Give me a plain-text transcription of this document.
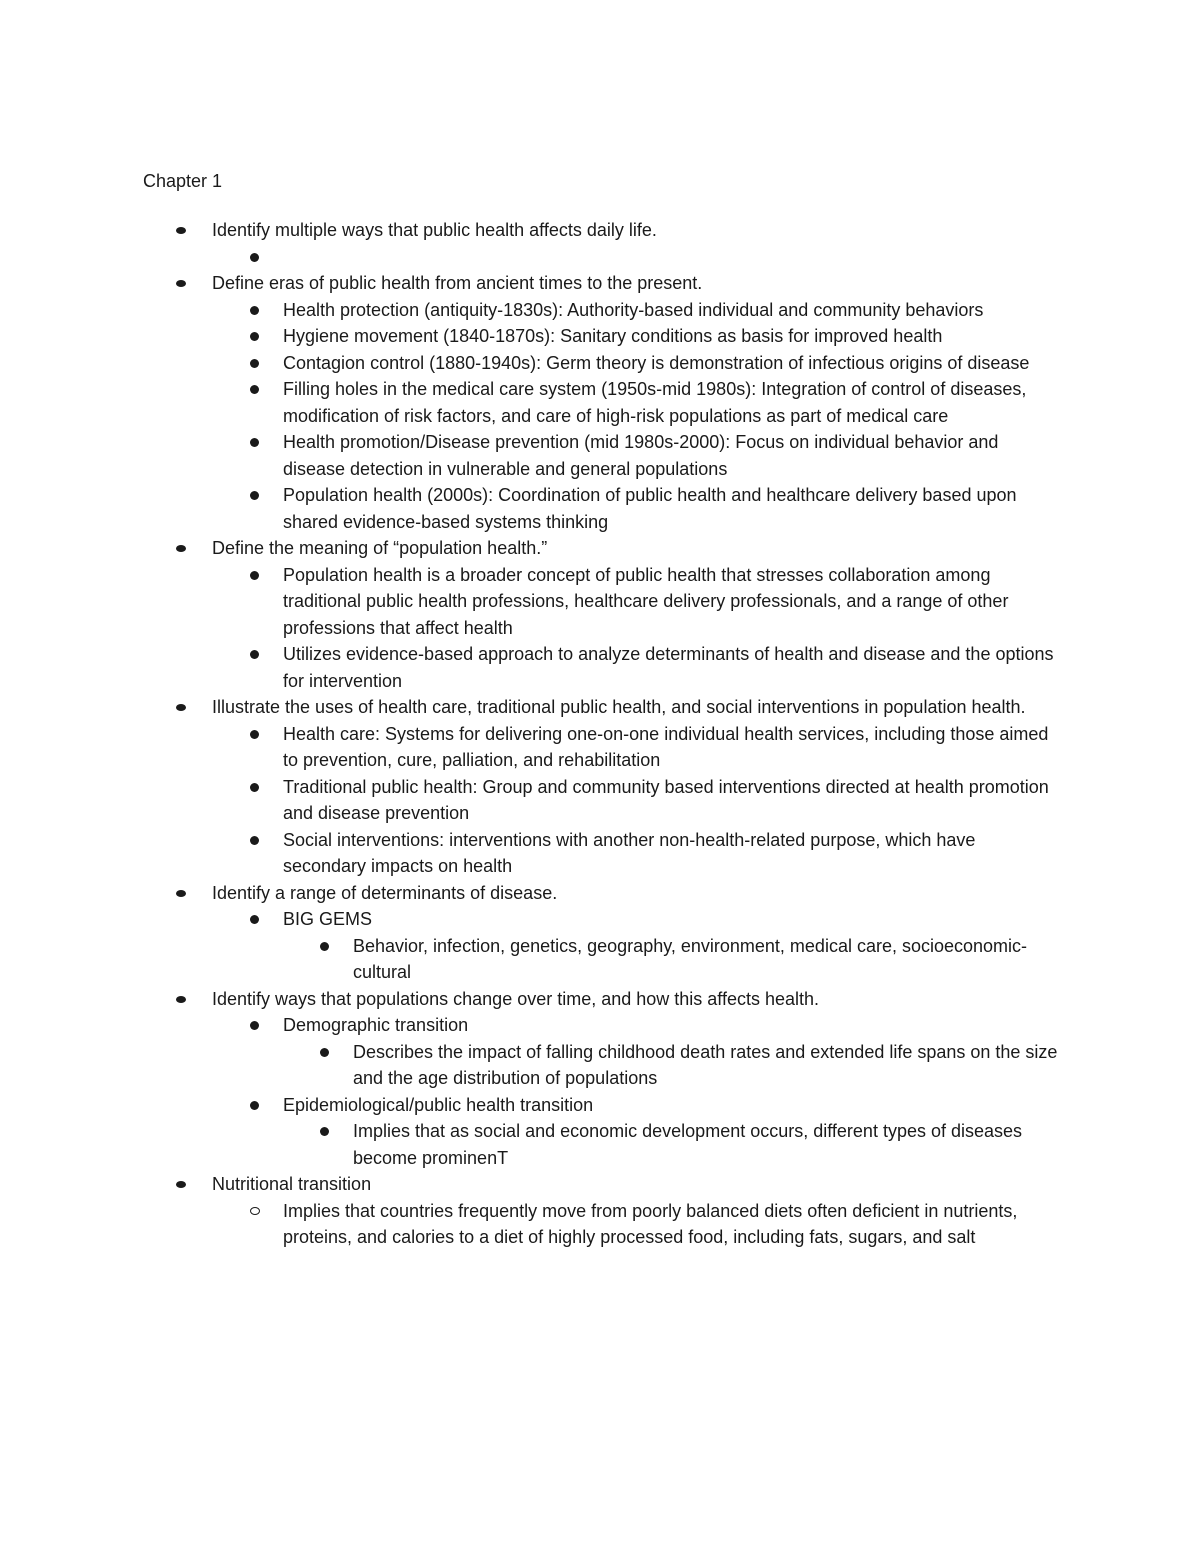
Chapter 1
Identify multiple ways that public health affects daily life.
Define eras of public health from ancient times to the present.
Health protection (antiquity-1830s): Authority-based individual and community behaviors
Hygiene movement (1840-1870s): Sanitary conditions as basis for improved health
Contagion control (1880-1940s): Germ theory is demonstration of infectious origins of disease
Filling holes in the medical care system (1950s-mid 1980s): Integration of control of diseases, modification of risk factors, and care of high-risk populations as part of medical care
Health promotion/Disease prevention (mid 1980s-2000): Focus on individual behavior and disease detection in vulnerable and general populations
Population health (2000s): Coordination of public health and healthcare delivery based upon shared evidence-based systems thinking
Define the meaning of “population health.”
Population health is a broader concept of public health that stresses collaboration among traditional public health professions, healthcare delivery professionals, and a range of other professions that affect health
Utilizes evidence-based approach to analyze determinants of health and disease and the options for intervention
Illustrate the uses of health care, traditional public health, and social interventions in population health.
Health care: Systems for delivering one-on-one individual health services, including those aimed to prevention, cure, palliation, and rehabilitation
Traditional public health: Group and community based interventions directed at health promotion and disease prevention
Social interventions: interventions with another non-health-related purpose, which have secondary impacts on health
Identify a range of determinants of disease.
BIG GEMS
Behavior, infection, genetics, geography, environment, medical care, socioeconomic-cultural
Identify ways that populations change over time, and how this affects health.
Demographic transition
Describes the impact of falling childhood death rates and extended life spans on the size and the age distribution of populations
Epidemiological/public health transition
Implies that as social and economic development occurs, different types of diseases become prominenT
Nutritional transition
Implies that countries frequently move from poorly balanced diets often deficient in nutrients, proteins, and calories to a diet of highly processed food, including fats, sugars, and salt
